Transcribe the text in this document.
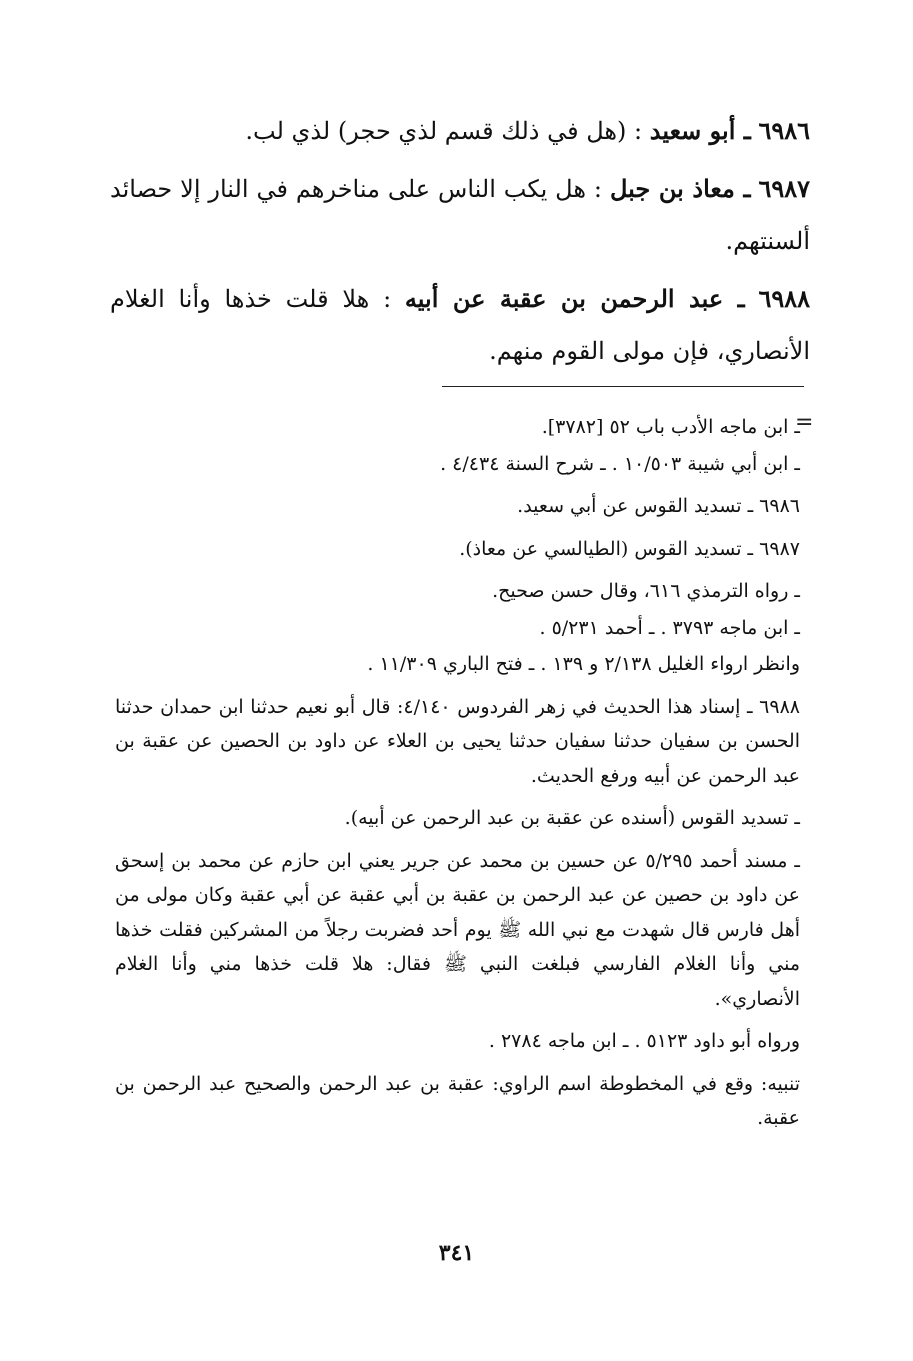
٦٩٨٦ ـ أبو سعيد : (هل في ذلك قسم لذي حجر) لذي لب.

٦٩٨٧ ـ معاذ بن جبل : هل يكب الناس على مناخرهم في النار إلا حصائد ألسنتهم.

٦٩٨٨ ـ عبد الرحمن بن عقبة عن أبيه : هلا قلت خذها وأنا الغلام الأنصاري، فإن مولى القوم منهم.

=

ـ ابن ماجه الأدب باب ٥٢ [٣٧٨٢].

ـ ابن أبي شيبة ١٠/٥٠٣ . ـ شرح السنة ٤/٤٣٤ .

٦٩٨٦ ـ تسديد القوس عن أبي سعيد.

٦٩٨٧ ـ تسديد القوس (الطيالسي عن معاذ).

ـ رواه الترمذي ٦١٦، وقال حسن صحيح.

ـ ابن ماجه ٣٧٩٣ . ـ أحمد ٥/٢٣١ .

وانظر ارواء الغليل ٢/١٣٨ و ١٣٩ . ـ فتح الباري ١١/٣٠٩ .

٦٩٨٨ ـ إسناد هذا الحديث في زهر الفردوس ٤/١٤٠: قال أبو نعيم حدثنا ابن حمدان حدثنا الحسن بن سفيان حدثنا سفيان حدثنا يحيى بن العلاء عن داود بن الحصين عن عقبة بن عبد الرحمن عن أبيه ورفع الحديث.

ـ تسديد القوس (أسنده عن عقبة بن عبد الرحمن عن أبيه).

ـ مسند أحمد ٥/٢٩٥ عن حسين بن محمد عن جرير يعني ابن حازم عن محمد بن إسحق عن داود بن حصين عن عبد الرحمن بن عقبة بن أبي عقبة عن أبي عقبة وكان مولى من أهل فارس قال شهدت مع نبي الله ﷺ يوم أحد فضربت رجلاً من المشركين فقلت خذها مني وأنا الغلام الفارسي فبلغت النبي ﷺ فقال: هلا قلت خذها مني وأنا الغلام الأنصاري».

ورواه أبو داود ٥١٢٣ . ـ ابن ماجه ٢٧٨٤ .

تنبيه: وقع في المخطوطة اسم الراوي: عقبة بن عبد الرحمن والصحيح عبد الرحمن بن عقبة.

٣٤١
